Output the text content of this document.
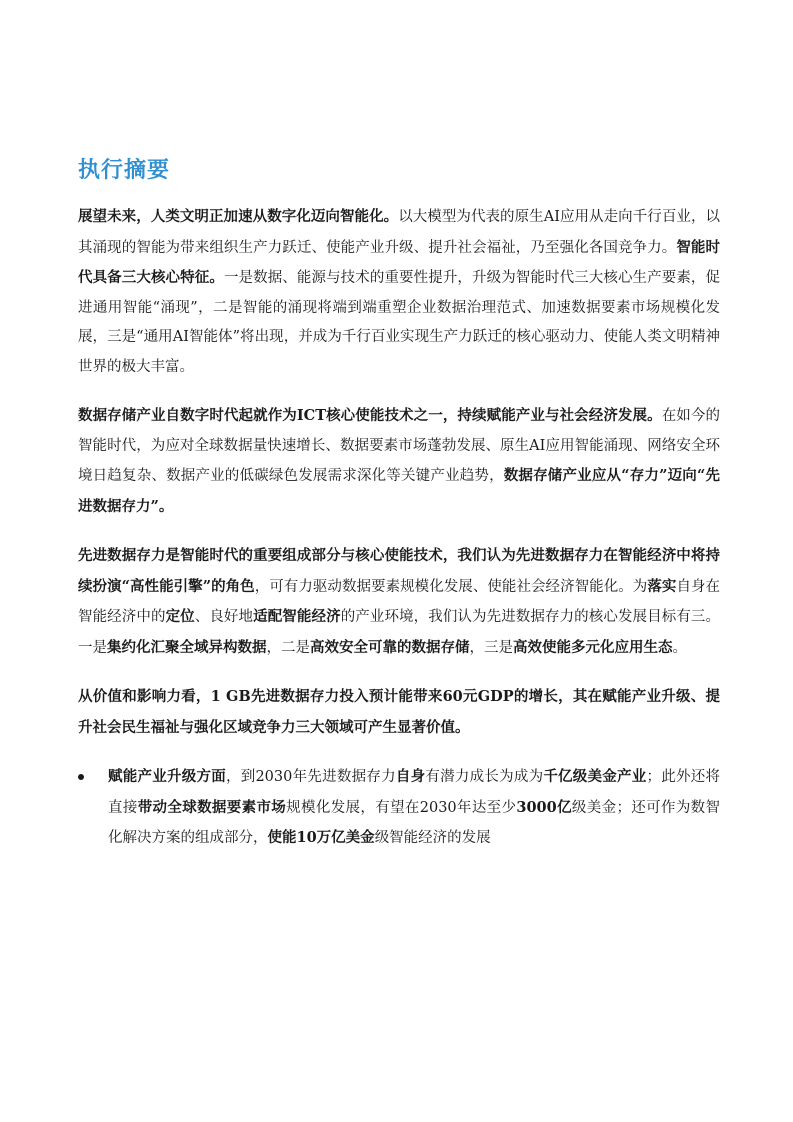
执行摘要

展望未来，人类文明正加速从数字化迈向智能化。以大模型为代表的原生AI应用从走向千行百业，以其涌现的智能为带来组织生产力跃迁、使能产业升级、提升社会福祉，乃至强化各国竞争力。智能时代具备三大核心特征。一是数据、能源与技术的重要性提升，升级为智能时代三大核心生产要素，促进通用智能“涌现”，二是智能的涌现将端到端重塑企业数据治理范式、加速数据要素市场规模化发展，三是“通用AI智能体”将出现，并成为千行百业实现生产力跃迁的核心驱动力、使能人类文明精神世界的极大丰富。

数据存储产业自数字时代起就作为ICT核心使能技术之一，持续赋能产业与社会经济发展。在如今的智能时代，为应对全球数据量快速增长、数据要素市场蓬勃发展、原生AI应用智能涌现、网络安全环境日趋复杂、数据产业的低碳绿色发展需求深化等关键产业趋势，数据存储产业应从“存力”迈向“先进数据存力”。

先进数据存力是智能时代的重要组成部分与核心使能技术，我们认为先进数据存力在智能经济中将持续扮演“高性能引擎”的角色，可有力驱动数据要素规模化发展、使能社会经济智能化。为落实自身在智能经济中的定位、良好地适配智能经济的产业环境，我们认为先进数据存力的核心发展目标有三。一是集约化汇聚全域异构数据，二是高效安全可靠的数据存储，三是高效使能多元化应用生态。

从价值和影响力看，1 GB先进数据存力投入预计能带来60元GDP的增长，其在赋能产业升级、提升社会民生福祉与强化区域竞争力三大领域可产生显著价值。

赋能产业升级方面，到2030年先进数据存力自身有潜力成长为成为千亿级美金产业；此外还将直接带动全球数据要素市场规模化发展，有望在2030年达至少3000亿级美金；还可作为数智化解决方案的组成部分，使能10万亿美金级智能经济的发展
